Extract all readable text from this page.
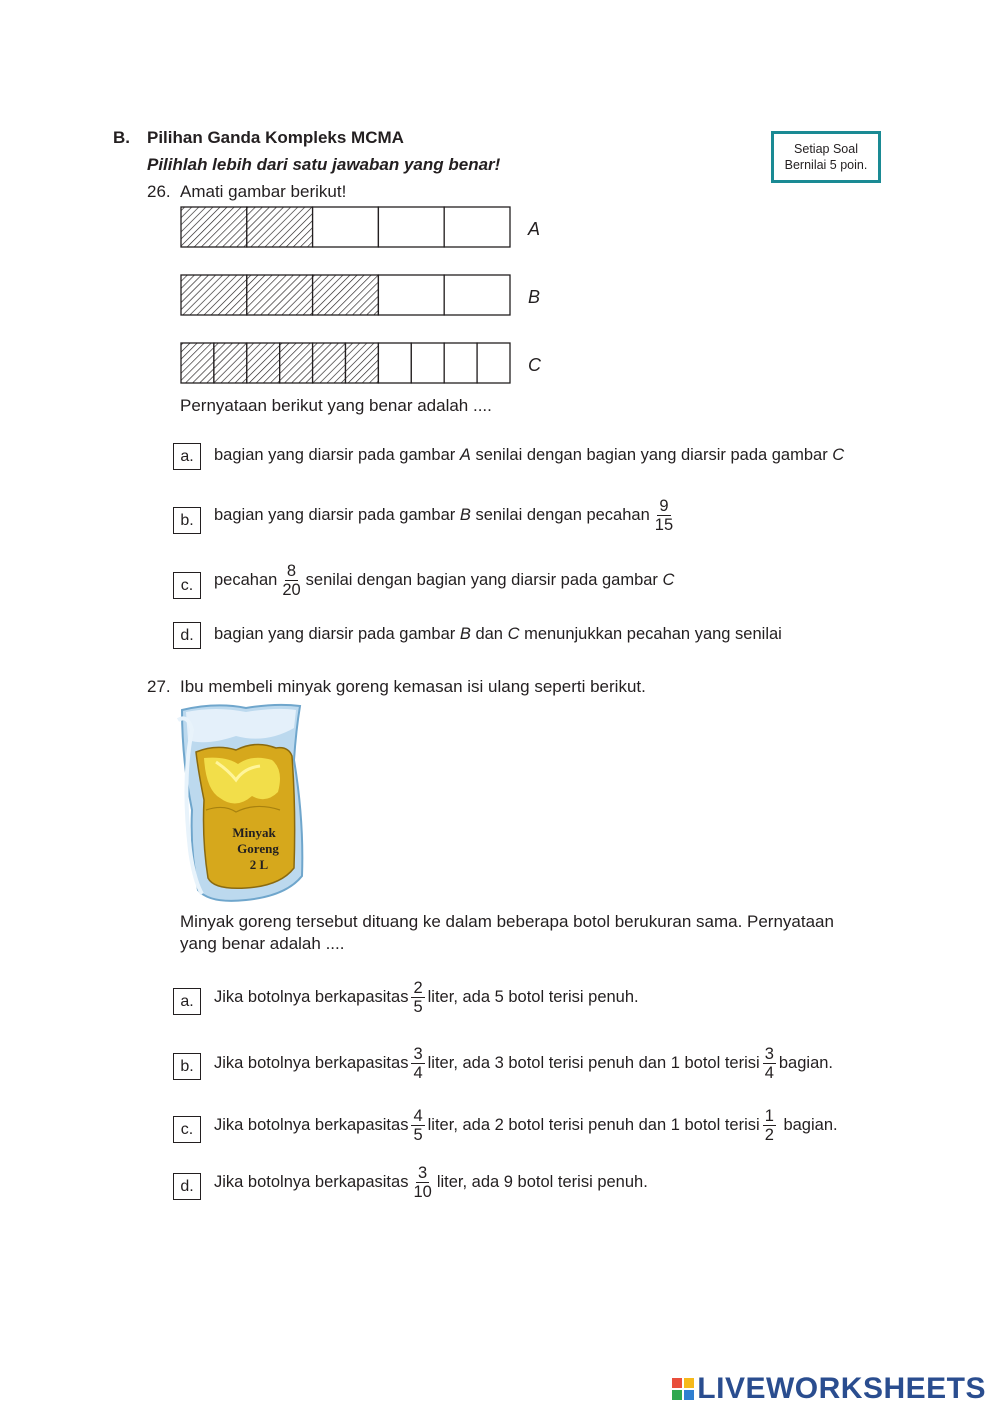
B. Pilihan Ganda Kompleks MCMA
Pilihlah lebih dari satu jawaban yang benar!
Setiap Soal
Bernilai 5 poin.
26. Amati gambar berikut!
A
B
C
Pernyataan berikut yang benar adalah ....
a.	bagian yang diarsir pada gambar
A
senilai dengan bagian yang diarsir pada gambar
C
b.	bagian yang diarsir pada gambar
B
senilai dengan pecahan $\frac{9}{15}$
c.	pecahan $\frac{8}{20}$ senilai dengan bagian yang diarsir pada gambar
C
d.	bagian yang diarsir pada gambar
B dan C menunjukkan pecahan yang senilai
27. Ibu membeli minyak goreng kemasan isi ulang seperti berikut.
Minyak
Goreng
2 L
Minyak goreng tersebut dituang ke dalam beberapa botol berukuran sama. Pernyataan
yang benar adalah ....
a.	Jika botolnya berkapasitas $\frac{2}{5}$ liter, ada 5 botol terisi penuh.
b.	Jika botolnya berkapasitas $\frac{3}{4}$ liter, ada 3 botol terisi penuh dan 1 botol terisi $\frac{3}{4}$ bagian.
c.	Jika botolnya berkapasitas $\frac{4}{5}$ liter, ada 2 botol terisi penuh dan 1 botol terisi $\frac{1}{2}$ bagian.
d.	Jika botolnya berkapasitas $\frac{3}{10}$ liter, ada 9 botol terisi penuh.
LIVEWORKSHEETS
